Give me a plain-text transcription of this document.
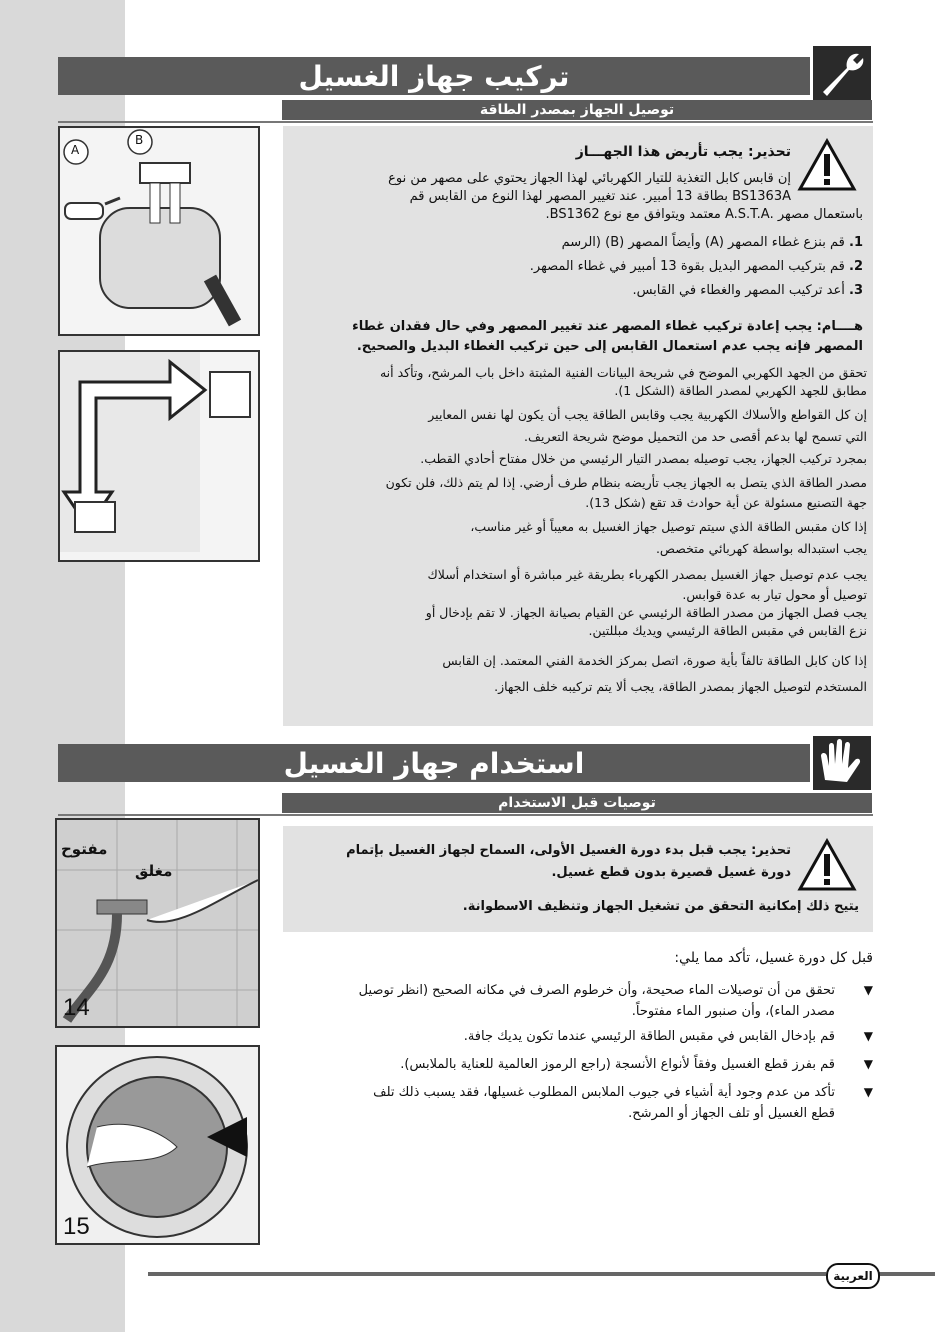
تركيب جهاز الغسيل
توصيل الجهاز بمصدر الطاقة
A
B
تحذير: يجب تأريض هذا الجهـــاز
إن قابس كابل التغذية للتيار الكهربائي لهذا الجهاز يحتوي على مصهر من نوع
BS1363A بطاقة 13 أمبير. عند تغيير المصهر لهذا النوع من القابس قم
باستعمال مصهر .A.S.T.A معتمد ويتوافق مع نوع BS1362.
1. قم بنزع غطاء المصهر (A) وأيضاً المصهر (B) (الرسم
2. قم بتركيب المصهر البديل بقوة 13 أمبير في غطاء المصهر.
3. أعد تركيب المصهر والغطاء في القابس.
هــــام: يجب إعادة تركيب غطاء المصهر عند تغيير المصهر وفي حال فقدان غطاء
المصهر فإنه يجب عدم استعمال القابس إلى حين تركيب الغطاء البديل والصحيح.
تحقق من الجهد الكهربي الموضح في شريحة البيانات الفنية المثبتة داخل باب المرشح، وتأكد أنه
مطابق للجهد الكهربي لمصدر الطاقة (الشكل 1).
إن كل القواطع والأسلاك الكهربية يجب وقابس الطاقة يجب أن يكون لها نفس المعايير
التي تسمح لها بدعم أقصى حد من التحميل موضح شريحة التعريف.
بمجرد تركيب الجهاز، يجب توصيله بمصدر التيار الرئيسي من خلال مفتاح أحادي القطب.
مصدر الطاقة الذي يتصل به الجهاز يجب تأريضه بنظام طرف أرضي. إذا لم يتم ذلك، فلن تكون
جهة التصنيع مسئولة عن أية حوادث قد تقع (شكل 13).
إذا كان مقبس الطاقة الذي سيتم توصيل جهاز الغسيل به معيباً أو غير مناسب،
يجب استبداله بواسطة كهربائي متخصص.
يجب عدم توصيل جهاز الغسيل بمصدر الكهرباء بطريقة غير مباشرة أو استخدام أسلاك
توصيل أو محول تيار به عدة قوابس.
يجب فصل الجهاز من مصدر الطاقة الرئيسي عن القيام بصيانة الجهاز. لا تقم بإدخال أو
نزع القابس في مقبس الطاقة الرئيسي ويديك مبللتين.
إذا كان كابل الطاقة تالفاً بأية صورة، اتصل بمركز الخدمة الفني المعتمد. إن القابس
المستخدم لتوصيل الجهاز بمصدر الطاقة، يجب ألا يتم تركيبه خلف الجهاز.
استخدام جهاز الغسيل
توصيات قبل الاستخدام
مفتوح
مغلق
14
15
تحذير: يجب قبل بدء دورة الغسيل الأولى، السماح لجهاز الغسيل بإتمام
دورة غسيل قصيرة بدون قطع غسيل.
يتيح ذلك إمكانية التحقق من تشغيل الجهاز وتنظيف الاسطوانة.
قبل كل دورة غسيل، تأكد مما يلي:
▼
تحقق من أن توصيلات الماء صحيحة، وأن خرطوم الصرف في مكانه الصحيح (انظر توصيل
مصدر الماء)، وأن صنبور الماء مفتوحاً.
▼
قم بإدخال القابس في مقبس الطاقة الرئيسي عندما تكون يديك جافة.
▼
قم بفرز قطع الغسيل وفقاً لأنواع الأنسجة (راجع الرموز العالمية للعناية بالملابس).
▼
تأكد من عدم وجود أية أشياء في جيوب الملابس المطلوب غسيلها، فقد يسبب ذلك تلف
قطع الغسيل أو تلف الجهاز أو المرشح.
العربية
